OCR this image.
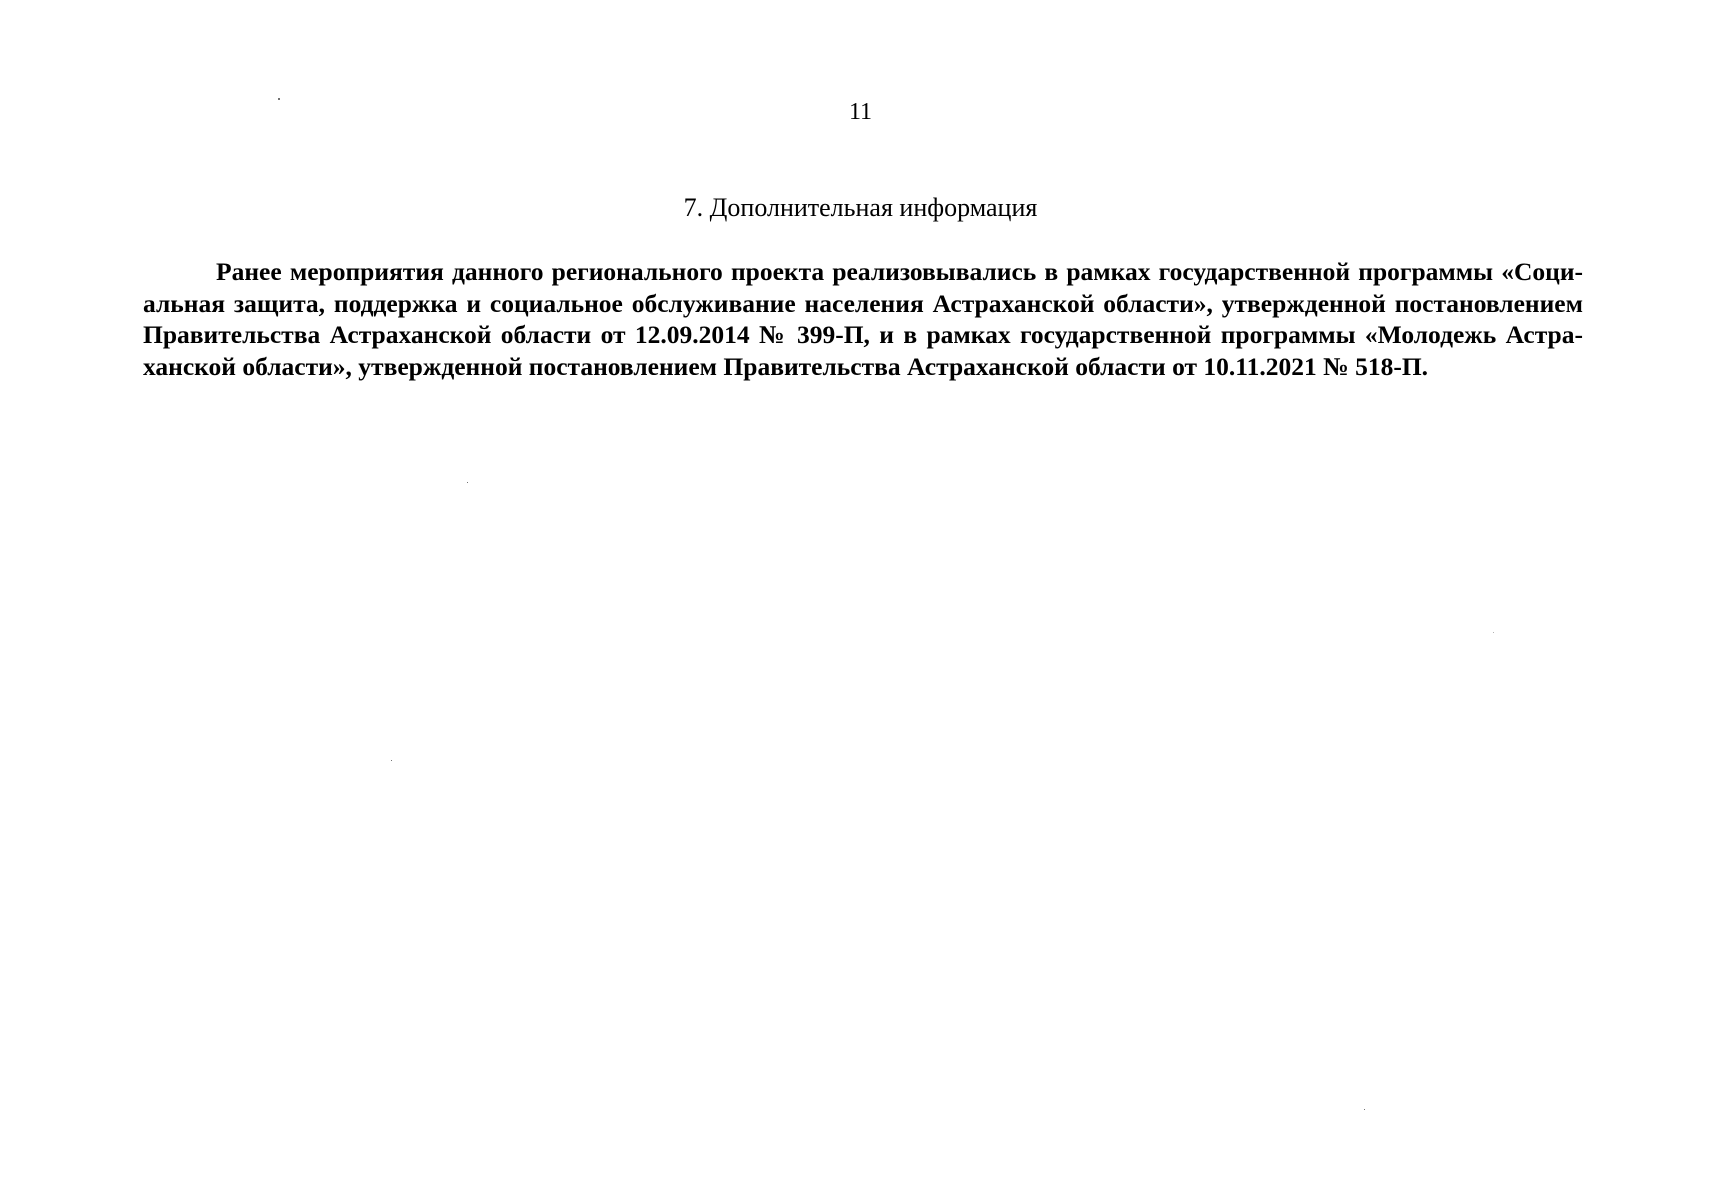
11
7. Дополнительная информация

Ранее мероприятия данного регионального проекта реализовывались в рамках государственной программы «Соци-
альная защита, поддержка и социальное обслуживание населения Астраханской области», утвержденной постановлением
Правительства Астраханской области от 12.09.2014 № 399-П, и в рамках государственной программы «Молодежь Астра-
ханской области», утвержденной постановлением Правительства Астраханской области от 10.11.2021 № 518-П.
